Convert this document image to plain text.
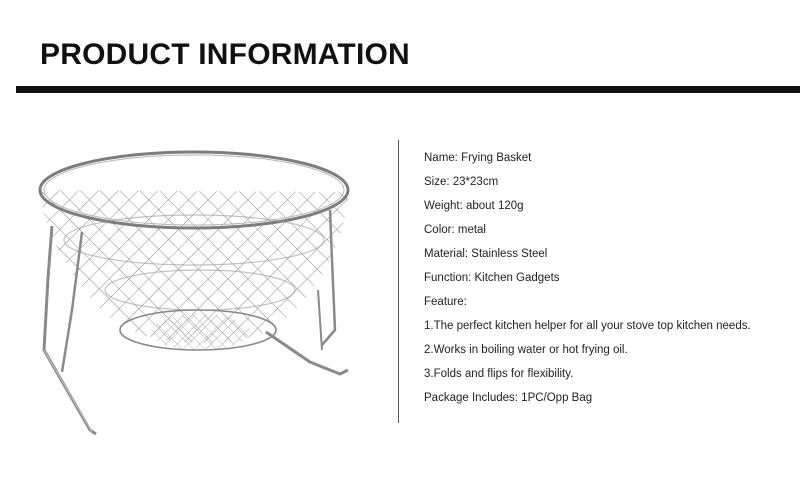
PRODUCT INFORMATION
Name: Frying Basket
Size: 23*23cm
Weight: about 120g
Color: metal
Material: Stainless Steel
Function: Kitchen Gadgets
Feature:
1.The perfect kitchen helper for all your stove top kitchen needs.
2.Works in boiling water or hot frying oil.
3.Folds and flips for flexibility.
Package Includes: 1PC/Opp Bag
